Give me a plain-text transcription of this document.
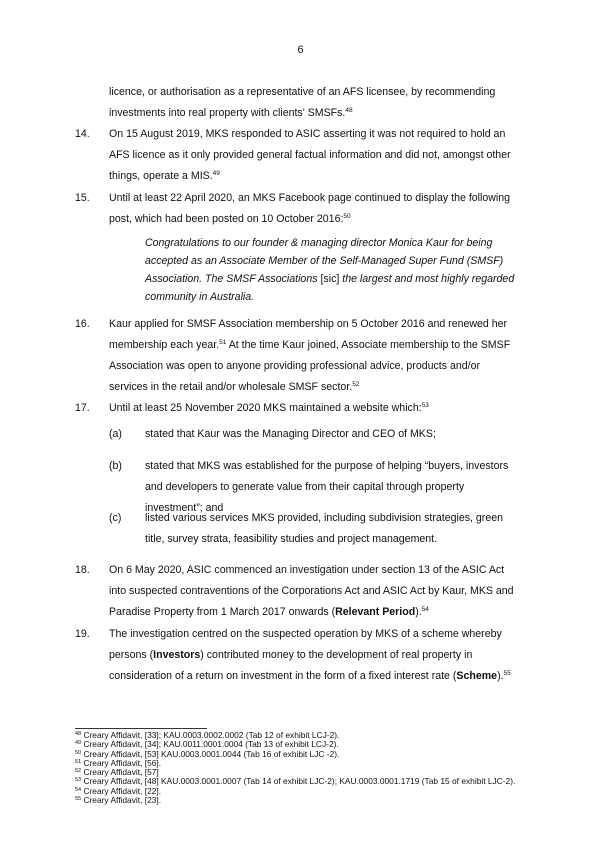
6
licence, or authorisation as a representative of an AFS licensee, by recommending investments into real property with clients' SMSFs.$^{48}$
14. On 15 August 2019, MKS responded to ASIC asserting it was not required to hold an AFS licence as it only provided general factual information and did not, amongst other things, operate a MIS.$^{49}$
15. Until at least 22 April 2020, an MKS Facebook page continued to display the following post, which had been posted on 10 October 2016:$^{50}$
Congratulations to our founder & managing director Monica Kaur for being accepted as an Associate Member of the Self-Managed Super Fund (SMSF) Association. The SMSF Associations [sic] the largest and most highly regarded community in Australia.
16. Kaur applied for SMSF Association membership on 5 October 2016 and renewed her membership each year.$^{51}$ At the time Kaur joined, Associate membership to the SMSF Association was open to anyone providing professional advice, products and/or services in the retail and/or wholesale SMSF sector.$^{52}$
17. Until at least 25 November 2020 MKS maintained a website which:$^{53}$
(a) stated that Kaur was the Managing Director and CEO of MKS;
(b) stated that MKS was established for the purpose of helping “buyers, investors and developers to generate value from their capital through property investment”; and
(c) listed various services MKS provided, including subdivision strategies, green title, survey strata, feasibility studies and project management.
18. On 6 May 2020, ASIC commenced an investigation under section 13 of the ASIC Act into suspected contraventions of the Corporations Act and ASIC Act by Kaur, MKS and Paradise Property from 1 March 2017 onwards (Relevant Period).$^{54}$
19. The investigation centred on the suspected operation by MKS of a scheme whereby persons (Investors) contributed money to the development of real property in consideration of a return on investment in the form of a fixed interest rate (Scheme).$^{55}$
$^{48}$ Creary Affidavit, [33]; KAU.0003.0002.0002 (Tab 12 of exhibit LCJ-2).
$^{49}$ Creary Affidavit, [34]; KAU.0011.0001.0004 (Tab 13 of exhibit LCJ-2).
$^{50}$ Creary Affidavit, [53] KAU.0003.0001.0044 (Tab 16 of exhibit LJC -2).
$^{51}$ Creary Affidavit, [56].
$^{52}$ Creary Affidavit, [57]
$^{53}$ Creary Affidavit, [48] KAU.0003.0001.0007 (Tab 14 of exhibit LJC-2); KAU.0003.0001.1719 (Tab 15 of exhibit LJC-2).
$^{54}$ Creary Affidavit, [22].
$^{55}$ Creary Affidavit, [23].
